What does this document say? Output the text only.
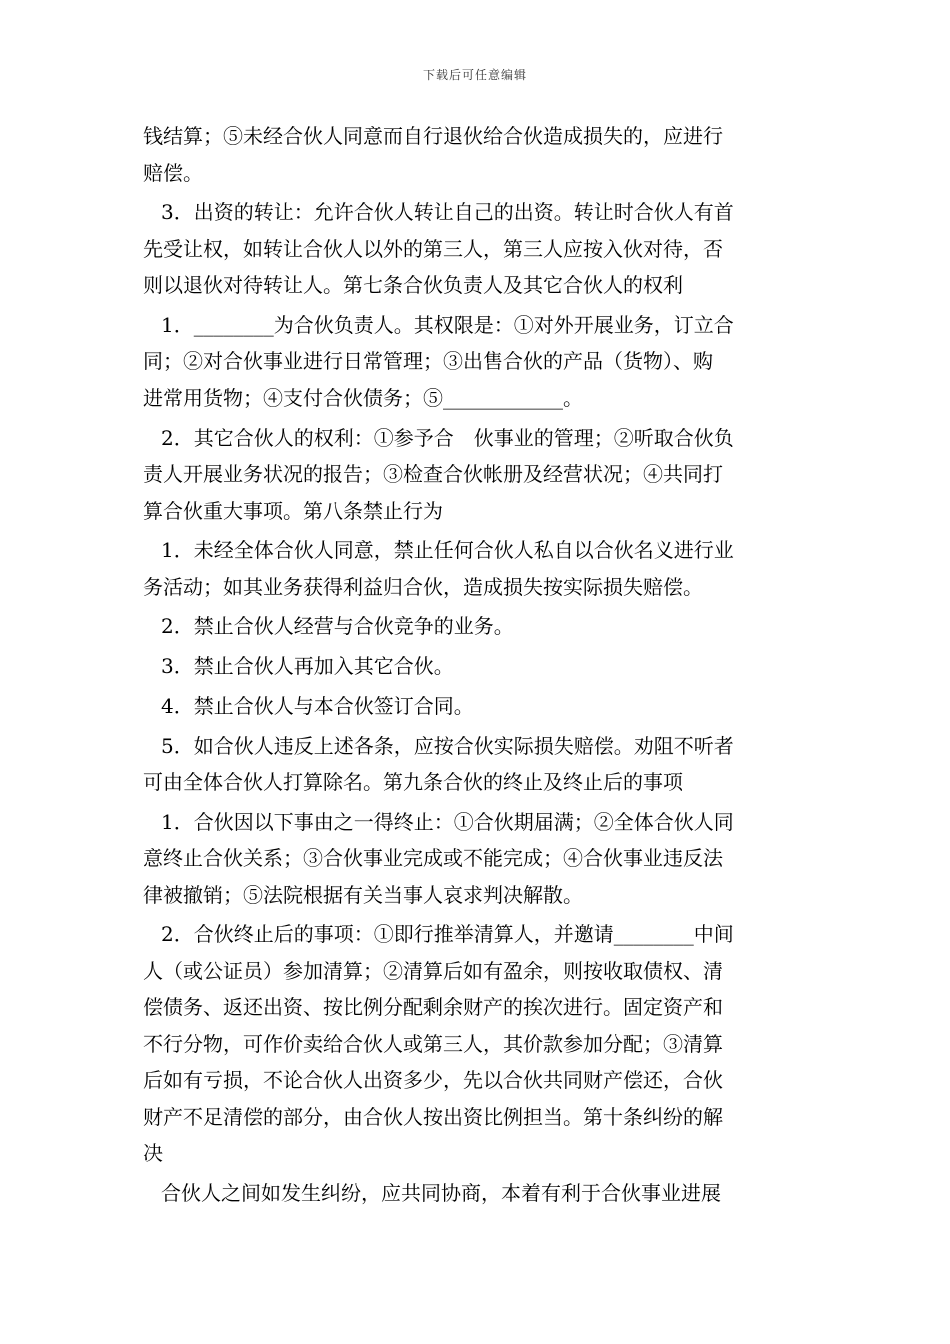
下载后可任意编辑
钱结算；⑤未经合伙人同意而自行退伙给合伙造成损失的，应进行
赔偿。
3．出资的转让：允许合伙人转让自己的出资。转让时合伙人有首
先受让权，如转让合伙人以外的第三人，第三人应按入伙对待，否
则以退伙对待转让人。第七条合伙负责人及其它合伙人的权利
1．________为合伙负责人。其权限是：①对外开展业务，订立合
同；②对合伙事业进行日常管理；③出售合伙的产品（货物）、购
进常用货物；④支付合伙债务；⑤____________。
2．其它合伙人的权利：①参予合　伙事业的管理；②听取合伙负
责人开展业务状况的报告；③检查合伙帐册及经营状况；④共同打
算合伙重大事项。第八条禁止行为
1．未经全体合伙人同意，禁止任何合伙人私自以合伙名义进行业
务活动；如其业务获得利益归合伙，造成损失按实际损失赔偿。
2．禁止合伙人经营与合伙竞争的业务。
3．禁止合伙人再加入其它合伙。
4．禁止合伙人与本合伙签订合同。
5．如合伙人违反上述各条，应按合伙实际损失赔偿。劝阻不听者
可由全体合伙人打算除名。第九条合伙的终止及终止后的事项
1．合伙因以下事由之一得终止：①合伙期届满；②全体合伙人同
意终止合伙关系；③合伙事业完成或不能完成；④合伙事业违反法
律被撤销；⑤法院根据有关当事人哀求判决解散。
2．合伙终止后的事项：①即行推举清算人，并邀请________中间
人（或公证员）参加清算；②清算后如有盈余，则按收取债权、清
偿债务、返还出资、按比例分配剩余财产的挨次进行。固定资产和
不行分物，可作价卖给合伙人或第三人，其价款参加分配；③清算
后如有亏损，不论合伙人出资多少，先以合伙共同财产偿还，合伙
财产不足清偿的部分，由合伙人按出资比例担当。第十条纠纷的解
决
合伙人之间如发生纠纷，应共同协商，本着有利于合伙事业进展
